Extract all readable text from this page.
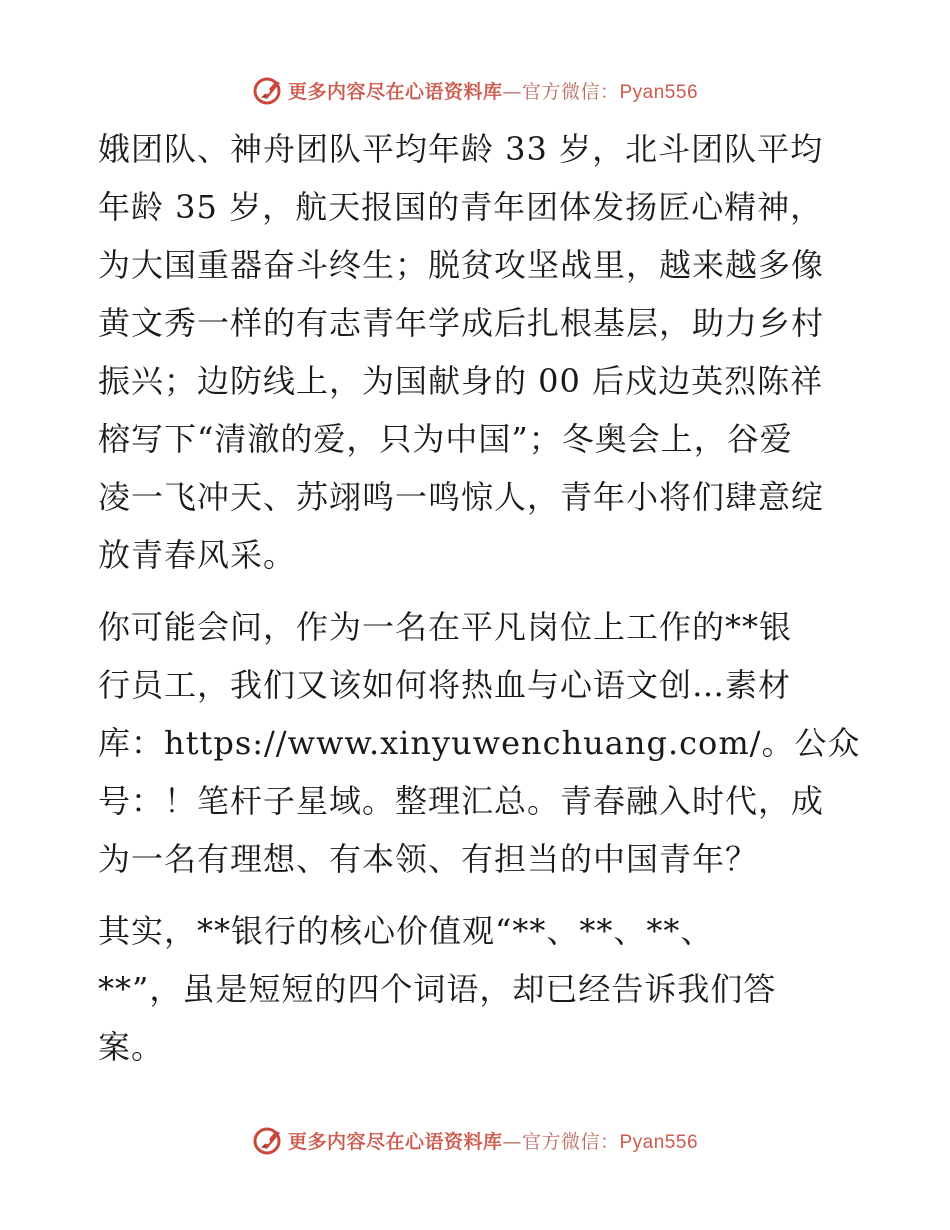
更多内容尽在心语资料库—官方微信：Pyan556
娥团队、神舟团队平均年龄 33 岁，北斗团队平均
年龄 35 岁，航天报国的青年团体发扬匠心精神，
为大国重器奋斗终生；脱贫攻坚战里，越来越多像
黄文秀一样的有志青年学成后扎根基层，助力乡村
振兴；边防线上，为国献身的 00 后戍边英烈陈祥
榕写下“清澈的爱，只为中国”；冬奥会上，谷爱
凌一飞冲天、苏翊鸣一鸣惊人，青年小将们肆意绽
放青春风采。
你可能会问，作为一名在平凡岗位上工作的**银
行员工，我们又该如何将热血与心语文创…素材
库：https://www.xinyuwenchuang.com/。公众
号：！笔杆子星域。整理汇总。青春融入时代，成
为一名有理想、有本领、有担当的中国青年？
其实，**银行的核心价值观“**、**、**、
**”，虽是短短的四个词语，却已经告诉我们答
案。
更多内容尽在心语资料库—官方微信：Pyan556
